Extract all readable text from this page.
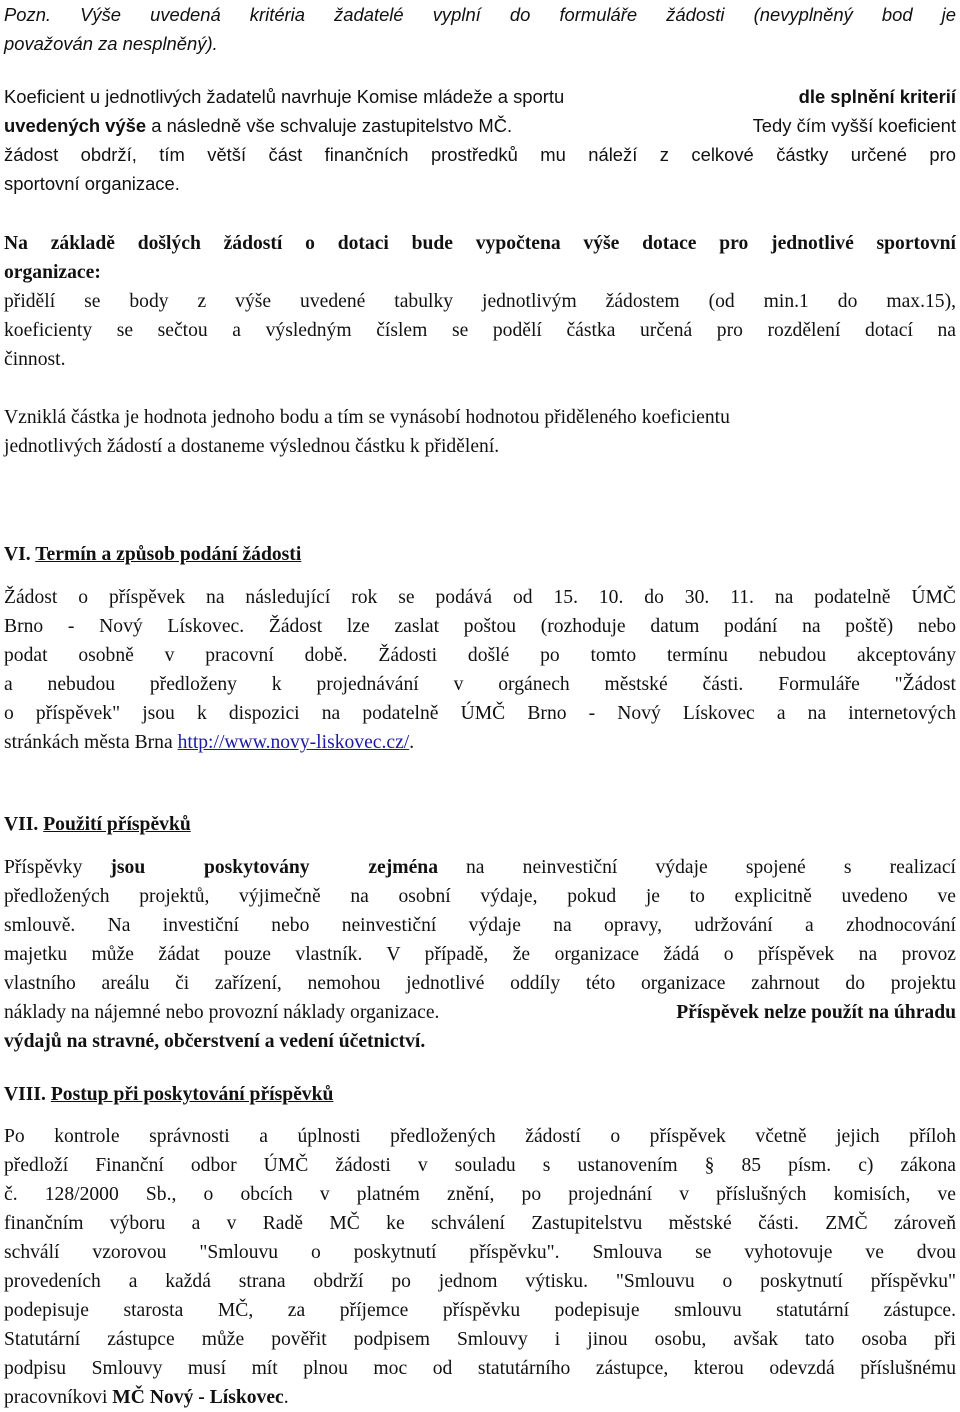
Pozn. Výše uvedená kritéria žadatelé vyplní do formuláře žádosti (nevyplněný bod je
považován za nesplněný).
Koeficient u jednotlivých žadatelů navrhuje Komise mládeže a sportu	dle splnění kriterií
uvedených výše a následně vše schvaluje zastupitelstvo MČ.	Tedy čím vyšší koeficient
žádost obdrží, tím větší část finančních prostředků mu náleží z celkové částky určené pro
sportovní organizace.
Na základě došlých žádostí o dotaci bude vypočtena výše dotace pro jednotlivé sportovní
organizace:
přidělí se body z výše uvedené tabulky jednotlivým žádostem (od min.1 do max.15),
koeficienty se sečtou a výsledným číslem se podělí částka určená pro rozdělení dotací na
činnost.
Vzniklá částka je hodnota jednoho bodu a tím se vynásobí hodnotou přiděleného koeficientu
jednotlivých žádostí a dostaneme výslednou částku k přidělení.
VI. Termín a způsob podání žádosti
Žádost o příspěvek na následující rok se podává od 15. 10. do 30. 11. na podatelně ÚMČ
Brno - Nový Lískovec. Žádost lze zaslat poštou (rozhoduje datum podání na poště) nebo
podat osobně v pracovní době. Žádosti došlé po tomto termínu nebudou akceptovány
a nebudou předloženy k projednávání v orgánech městské části. Formuláře "Žádost
o příspěvek" jsou k dispozici na podatelně ÚMČ Brno - Nový Lískovec a na internetových
stránkách města Brna http://www.novy-liskovec.cz/.
VII. Použití příspěvků
Příspěvky	jsou poskytovány zejména	na neinvestiční výdaje spojené s realizací
předložených projektů, výjimečně na osobní výdaje, pokud je to explicitně uvedeno ve
smlouvě. Na investiční nebo neinvestiční výdaje na opravy, udržování a zhodnocování
majetku může žádat pouze vlastník. V případě, že organizace žádá o příspěvek na provoz
vlastního areálu či zařízení, nemohou jednotlivé oddíly této organizace zahrnout do projektu
náklady na nájemné nebo provozní náklady organizace.	Příspěvek nelze použít na úhradu
výdajů na stravné, občerstvení a vedení účetnictví.
VIII. Postup při poskytování příspěvků
Po kontrole správnosti a úplnosti předložených žádostí o příspěvek včetně jejich příloh
předloží Finanční odbor ÚMČ žádosti v souladu s ustanovením § 85 písm. c) zákona
č. 128/2000 Sb., o obcích v platném znění, po projednání v příslušných komisích, ve
finančním výboru a v Radě MČ ke schválení Zastupitelstvu městské části. ZMČ zároveň
schválí vzorovou "Smlouvu o poskytnutí příspěvku". Smlouva se vyhotovuje ve dvou
provedeních a každá strana obdrží po jednom výtisku. "Smlouvu o poskytnutí příspěvku"
podepisuje starosta MČ, za příjemce příspěvku podepisuje smlouvu statutární zástupce.
Statutární zástupce může pověřit podpisem Smlouvy i jinou osobu, avšak tato osoba při
podpisu Smlouvy musí mít plnou moc od statutárního zástupce, kterou odevzdá příslušnému
pracovníkovi MČ Nový - Lískovec.
